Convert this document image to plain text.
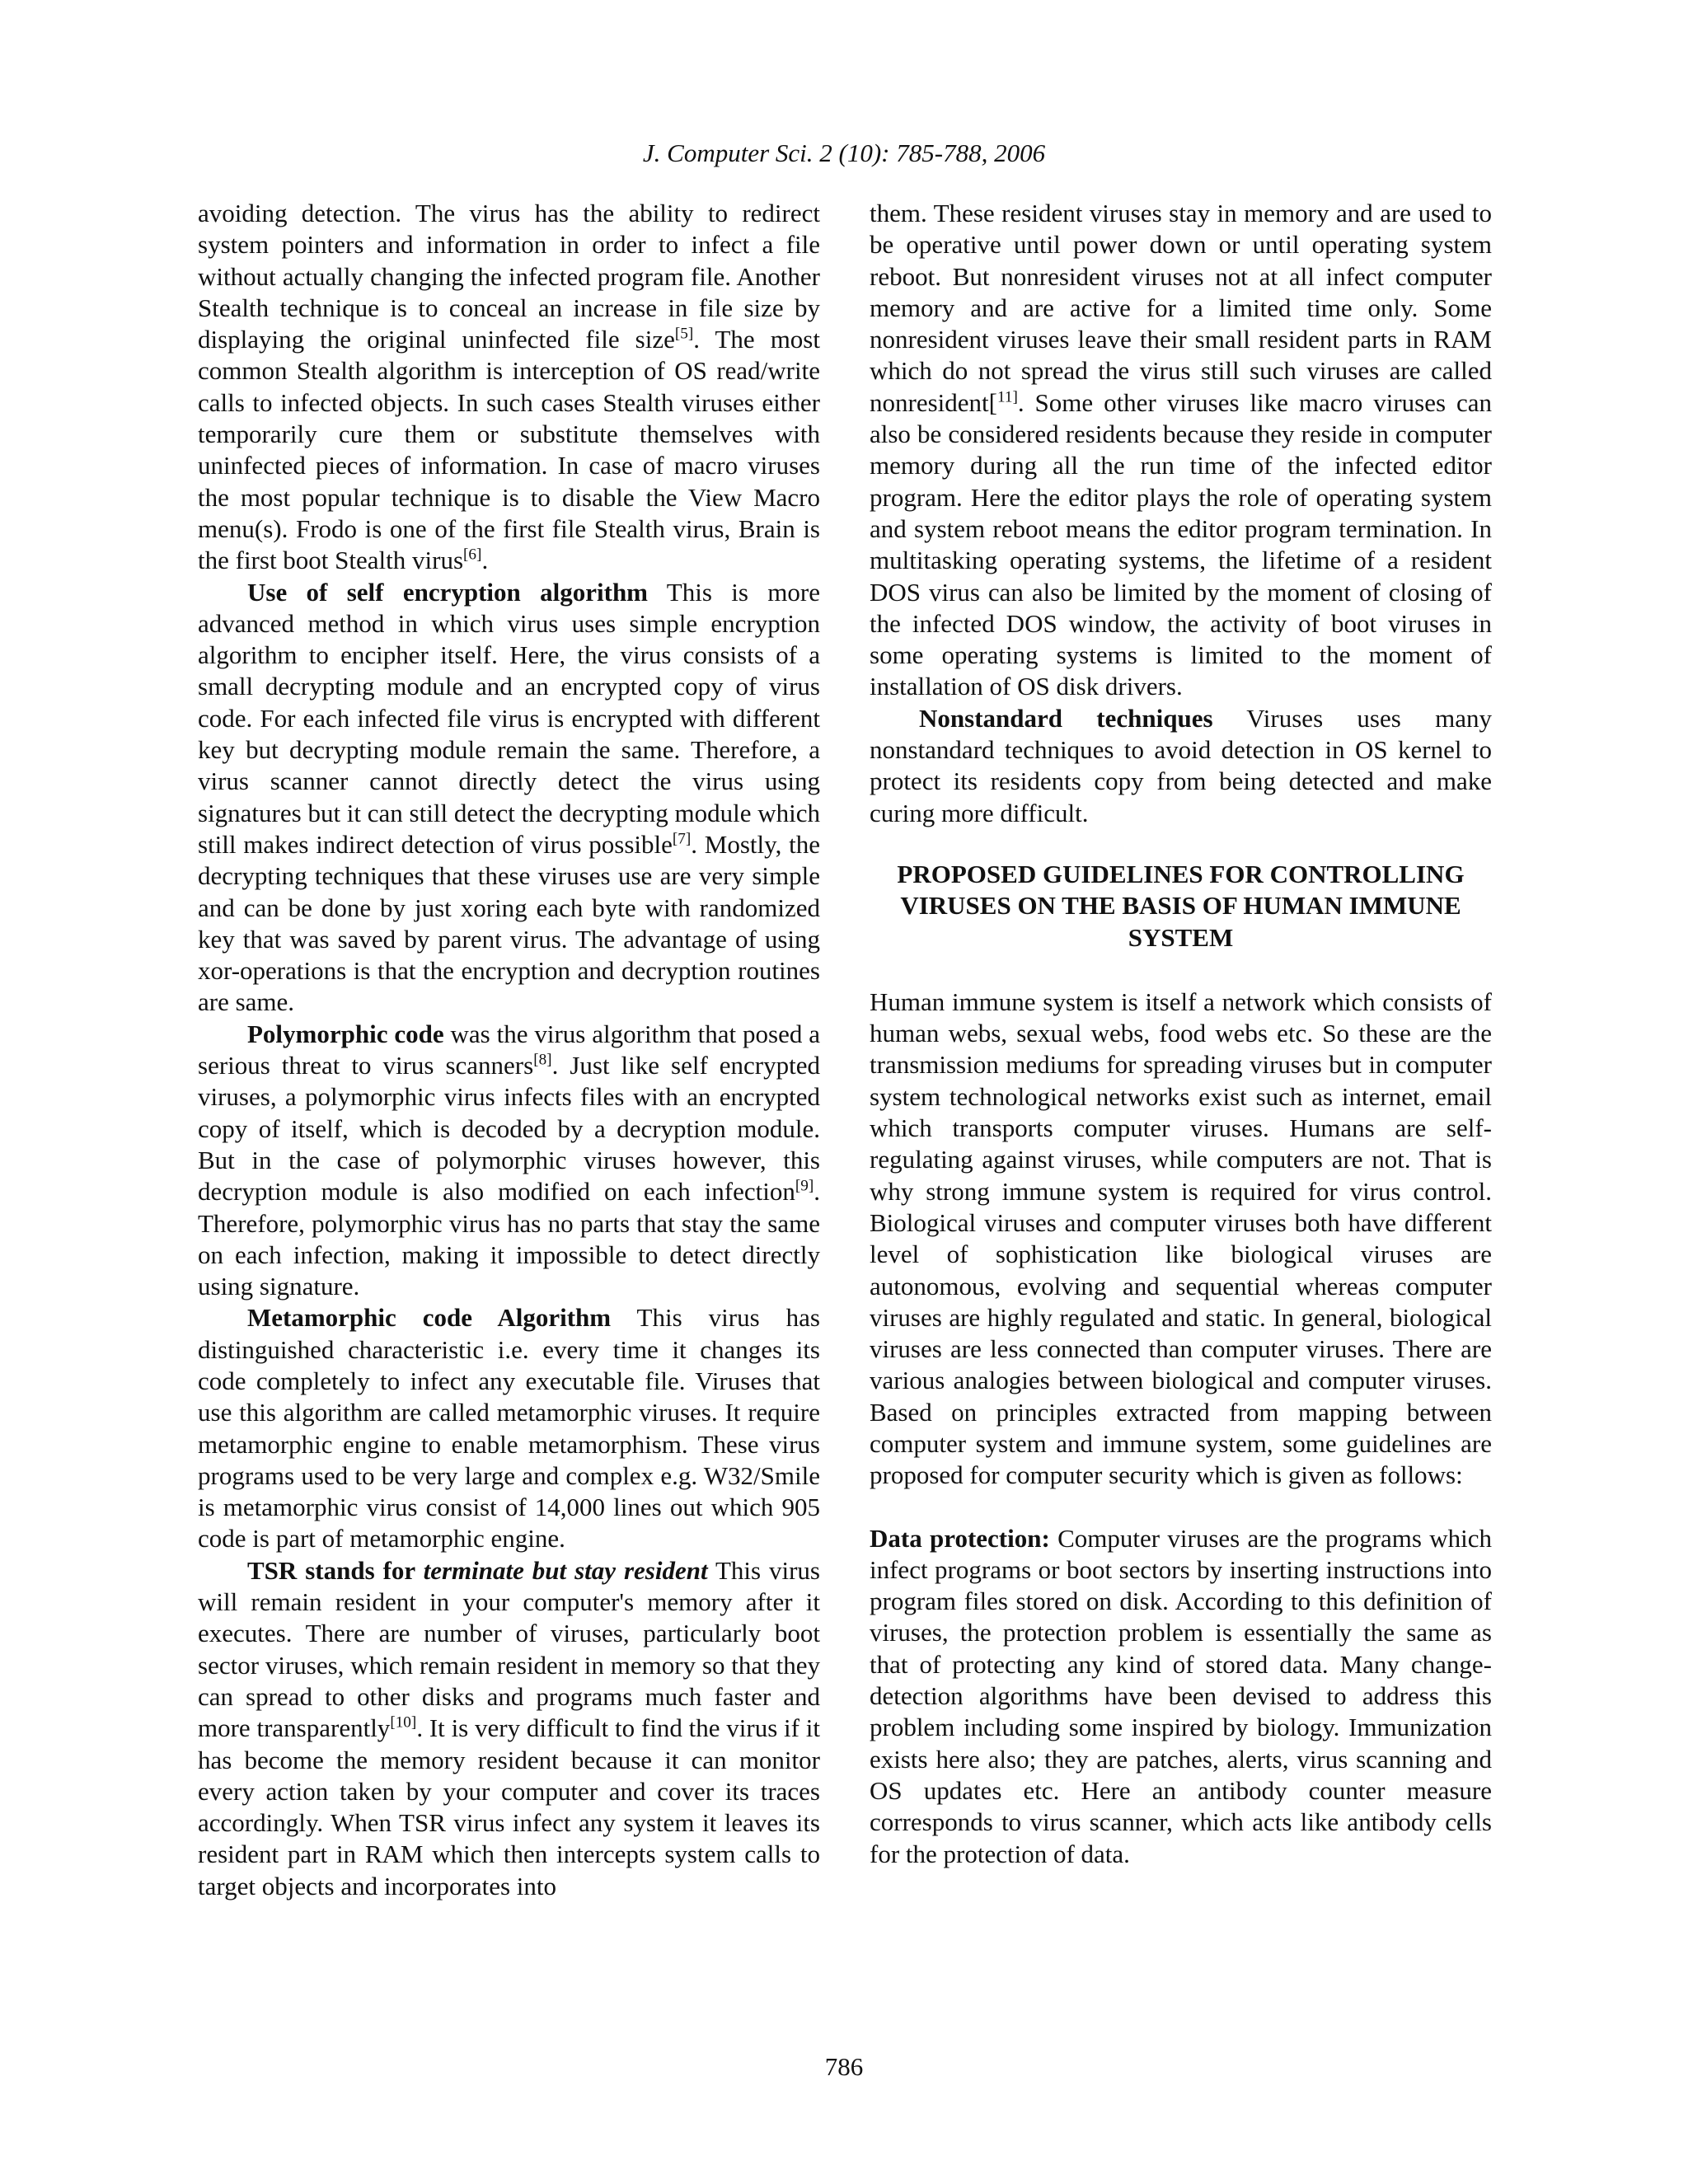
J. Computer Sci. 2 (10): 785-788, 2006

avoiding detection. The virus has the ability to redirect system pointers and information in order to infect a file without actually changing the infected program file. Another Stealth technique is to conceal an increase in file size by displaying the original uninfected file size[5]. The most common Stealth algorithm is interception of OS read/write calls to infected objects. In such cases Stealth viruses either temporarily cure them or substitute themselves with uninfected pieces of information. In case of macro viruses the most popular technique is to disable the View Macro menu(s). Frodo is one of the first file Stealth virus, Brain is the first boot Stealth virus[6].

Use of self encryption algorithm This is more advanced method in which virus uses simple encryption algorithm to encipher itself. Here, the virus consists of a small decrypting module and an encrypted copy of virus code. For each infected file virus is encrypted with different key but decrypting module remain the same. Therefore, a virus scanner cannot directly detect the virus using signatures but it can still detect the decrypting module which still makes indirect detection of virus possible[7]. Mostly, the decrypting techniques that these viruses use are very simple and can be done by just xoring each byte with randomized key that was saved by parent virus. The advantage of using xor-operations is that the encryption and decryption routines are same.

Polymorphic code was the virus algorithm that posed a serious threat to virus scanners[8]. Just like self encrypted viruses, a polymorphic virus infects files with an encrypted copy of itself, which is decoded by a decryption module. But in the case of polymorphic viruses however, this decryption module is also modified on each infection[9]. Therefore, polymorphic virus has no parts that stay the same on each infection, making it impossible to detect directly using signature.

Metamorphic code Algorithm This virus has distinguished characteristic i.e. every time it changes its code completely to infect any executable file. Viruses that use this algorithm are called metamorphic viruses. It require metamorphic engine to enable metamorphism. These virus programs used to be very large and complex e.g. W32/Smile is metamorphic virus consist of 14,000 lines out which 905 code is part of metamorphic engine.

TSR stands for terminate but stay resident This virus will remain resident in your computer's memory after it executes. There are number of viruses, particularly boot sector viruses, which remain resident in memory so that they can spread to other disks and programs much faster and more transparently[10]. It is very difficult to find the virus if it has become the memory resident because it can monitor every action taken by your computer and cover its traces accordingly. When TSR virus infect any system it leaves its resident part in RAM which then intercepts system calls to target objects and incorporates into

them. These resident viruses stay in memory and are used to be operative until power down or until operating system reboot. But nonresident viruses not at all infect computer memory and are active for a limited time only. Some nonresident viruses leave their small resident parts in RAM which do not spread the virus still such viruses are called nonresident[$^{11]}$. Some other viruses like macro viruses can also be considered residents because they reside in computer memory during all the run time of the infected editor program. Here the editor plays the role of operating system and system reboot means the editor program termination. In multitasking operating systems, the lifetime of a resident DOS virus can also be limited by the moment of closing of the infected DOS window, the activity of boot viruses in some operating systems is limited to the moment of installation of OS disk drivers.

Nonstandard techniques Viruses uses many nonstandard techniques to avoid detection in OS kernel to protect its residents copy from being detected and make curing more difficult.

PROPOSED GUIDELINES FOR CONTROLLING
VIRUSES ON THE BASIS OF HUMAN IMMUNE
SYSTEM

Human immune system is itself a network which consists of human webs, sexual webs, food webs etc. So these are the transmission mediums for spreading viruses but in computer system technological networks exist such as internet, email which transports computer viruses. Humans are self-regulating against viruses, while computers are not. That is why strong immune system is required for virus control. Biological viruses and computer viruses both have different level of sophistication like biological viruses are autonomous, evolving and sequential whereas computer viruses are highly regulated and static. In general, biological viruses are less connected than computer viruses. There are various analogies between biological and computer viruses. Based on principles extracted from mapping between computer system and immune system, some guidelines are proposed for computer security which is given as follows:

Data protection: Computer viruses are the programs which infect programs or boot sectors by inserting instructions into program files stored on disk. According to this definition of viruses, the protection problem is essentially the same as that of protecting any kind of stored data. Many change-detection algorithms have been devised to address this problem including some inspired by biology. Immunization exists here also; they are patches, alerts, virus scanning and OS updates etc. Here an antibody counter measure corresponds to virus scanner, which acts like antibody cells for the protection of data.

786
